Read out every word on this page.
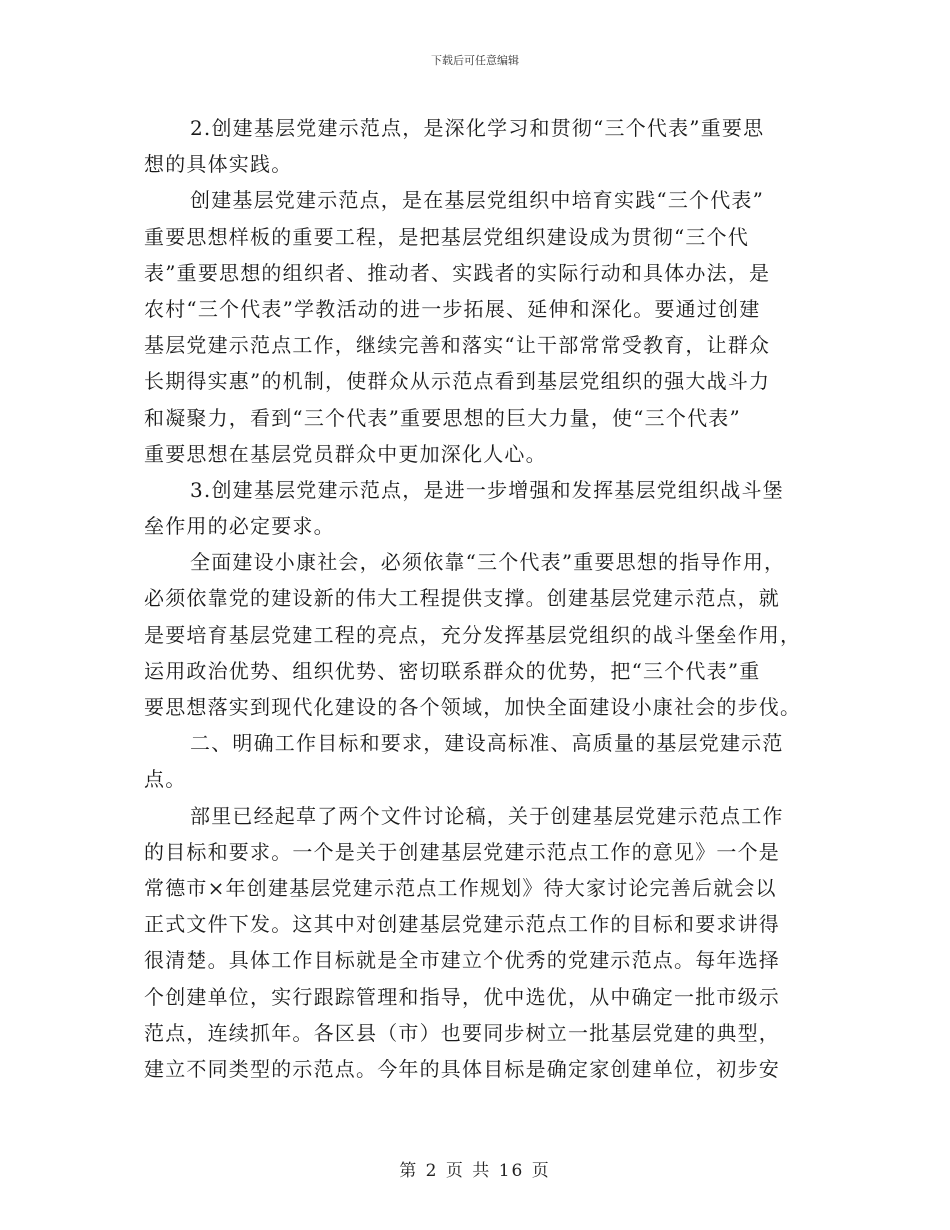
下载后可任意编辑
2.创建基层党建示范点，是深化学习和贯彻“三个代表”重要思
想的具体实践。
创建基层党建示范点，是在基层党组织中培育实践“三个代表”
重要思想样板的重要工程，是把基层党组织建设成为贯彻“三个代
表”重要思想的组织者、推动者、实践者的实际行动和具体办法，是
农村“三个代表”学教活动的进一步拓展、延伸和深化。要通过创建
基层党建示范点工作，继续完善和落实“让干部常常受教育，让群众
长期得实惠”的机制，使群众从示范点看到基层党组织的强大战斗力
和凝聚力，看到“三个代表”重要思想的巨大力量，使“三个代表”
重要思想在基层党员群众中更加深化人心。
3.创建基层党建示范点，是进一步增强和发挥基层党组织战斗堡
垒作用的必定要求。
全面建设小康社会，必须依靠“三个代表”重要思想的指导作用，
必须依靠党的建设新的伟大工程提供支撑。创建基层党建示范点，就
是要培育基层党建工程的亮点，充分发挥基层党组织的战斗堡垒作用，
运用政治优势、组织优势、密切联系群众的优势，把“三个代表”重
要思想落实到现代化建设的各个领域，加快全面建设小康社会的步伐。
二、明确工作目标和要求，建设高标准、高质量的基层党建示范
点。
部里已经起草了两个文件讨论稿，关于创建基层党建示范点工作
的目标和要求。一个是关于创建基层党建示范点工作的意见》一个是
常德市×年创建基层党建示范点工作规划》待大家讨论完善后就会以
正式文件下发。这其中对创建基层党建示范点工作的目标和要求讲得
很清楚。具体工作目标就是全市建立个优秀的党建示范点。每年选择
个创建单位，实行跟踪管理和指导，优中选优，从中确定一批市级示
范点，连续抓年。各区县（市）也要同步树立一批基层党建的典型，
建立不同类型的示范点。今年的具体目标是确定家创建单位，初步安
第 2 页 共 16 页
